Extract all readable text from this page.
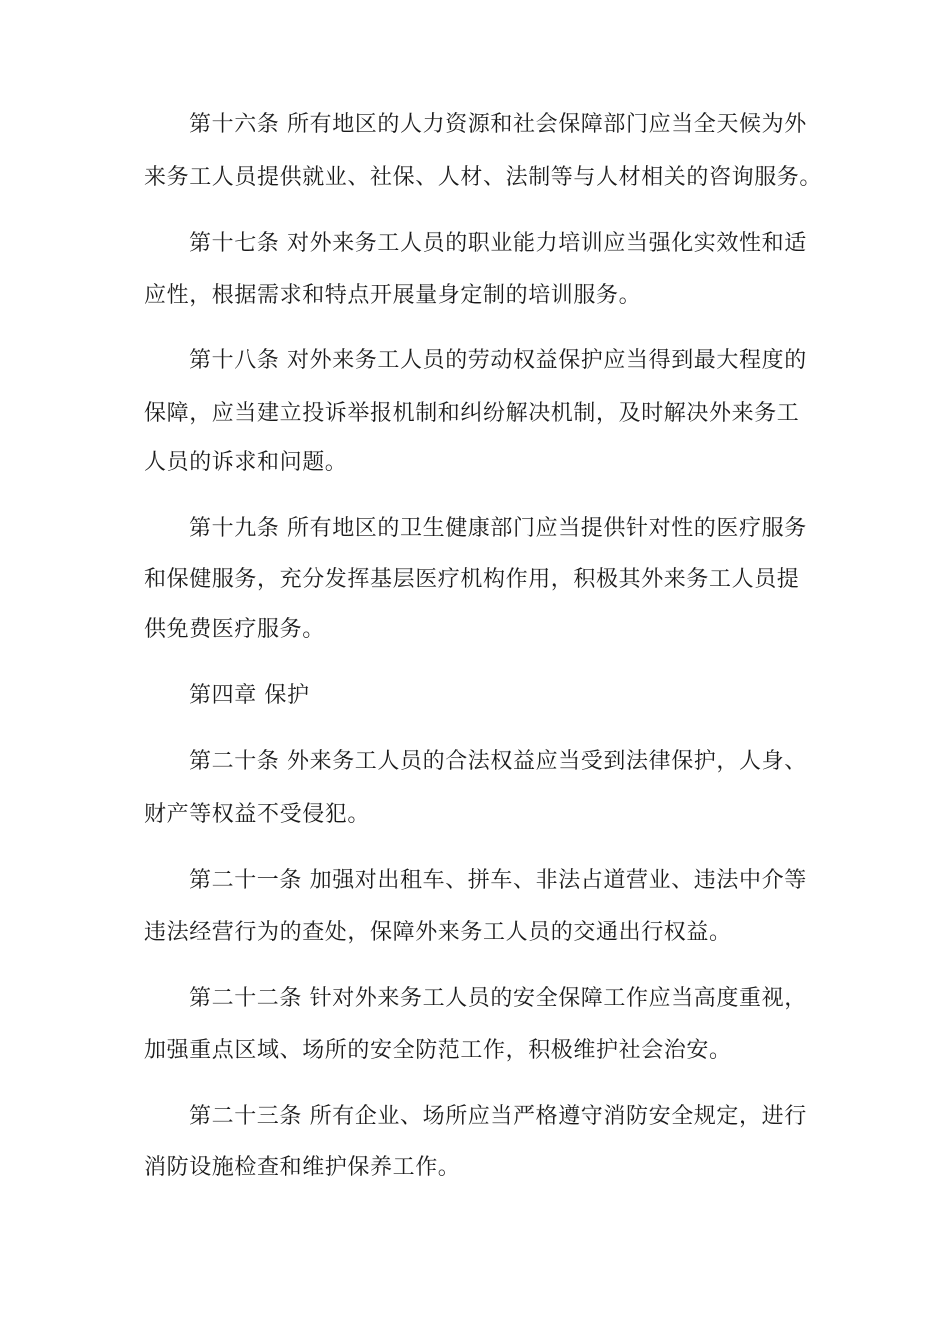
第十六条 所有地区的人力资源和社会保障部门应当全天候为外
来务工人员提供就业、社保、人材、法制等与人材相关的咨询服务。
第十七条 对外来务工人员的职业能力培训应当强化实效性和适
应性，根据需求和特点开展量身定制的培训服务。
第十八条 对外来务工人员的劳动权益保护应当得到最大程度的
保障，应当建立投诉举报机制和纠纷解决机制，及时解决外来务工
人员的诉求和问题。
第十九条 所有地区的卫生健康部门应当提供针对性的医疗服务
和保健服务，充分发挥基层医疗机构作用，积极其外来务工人员提
供免费医疗服务。
第四章 保护
第二十条 外来务工人员的合法权益应当受到法律保护，人身、
财产等权益不受侵犯。
第二十一条 加强对出租车、拼车、非法占道营业、违法中介等
违法经营行为的查处，保障外来务工人员的交通出行权益。
第二十二条 针对外来务工人员的安全保障工作应当高度重视，
加强重点区域、场所的安全防范工作，积极维护社会治安。
第二十三条 所有企业、场所应当严格遵守消防安全规定，进行
消防设施检查和维护保养工作。
